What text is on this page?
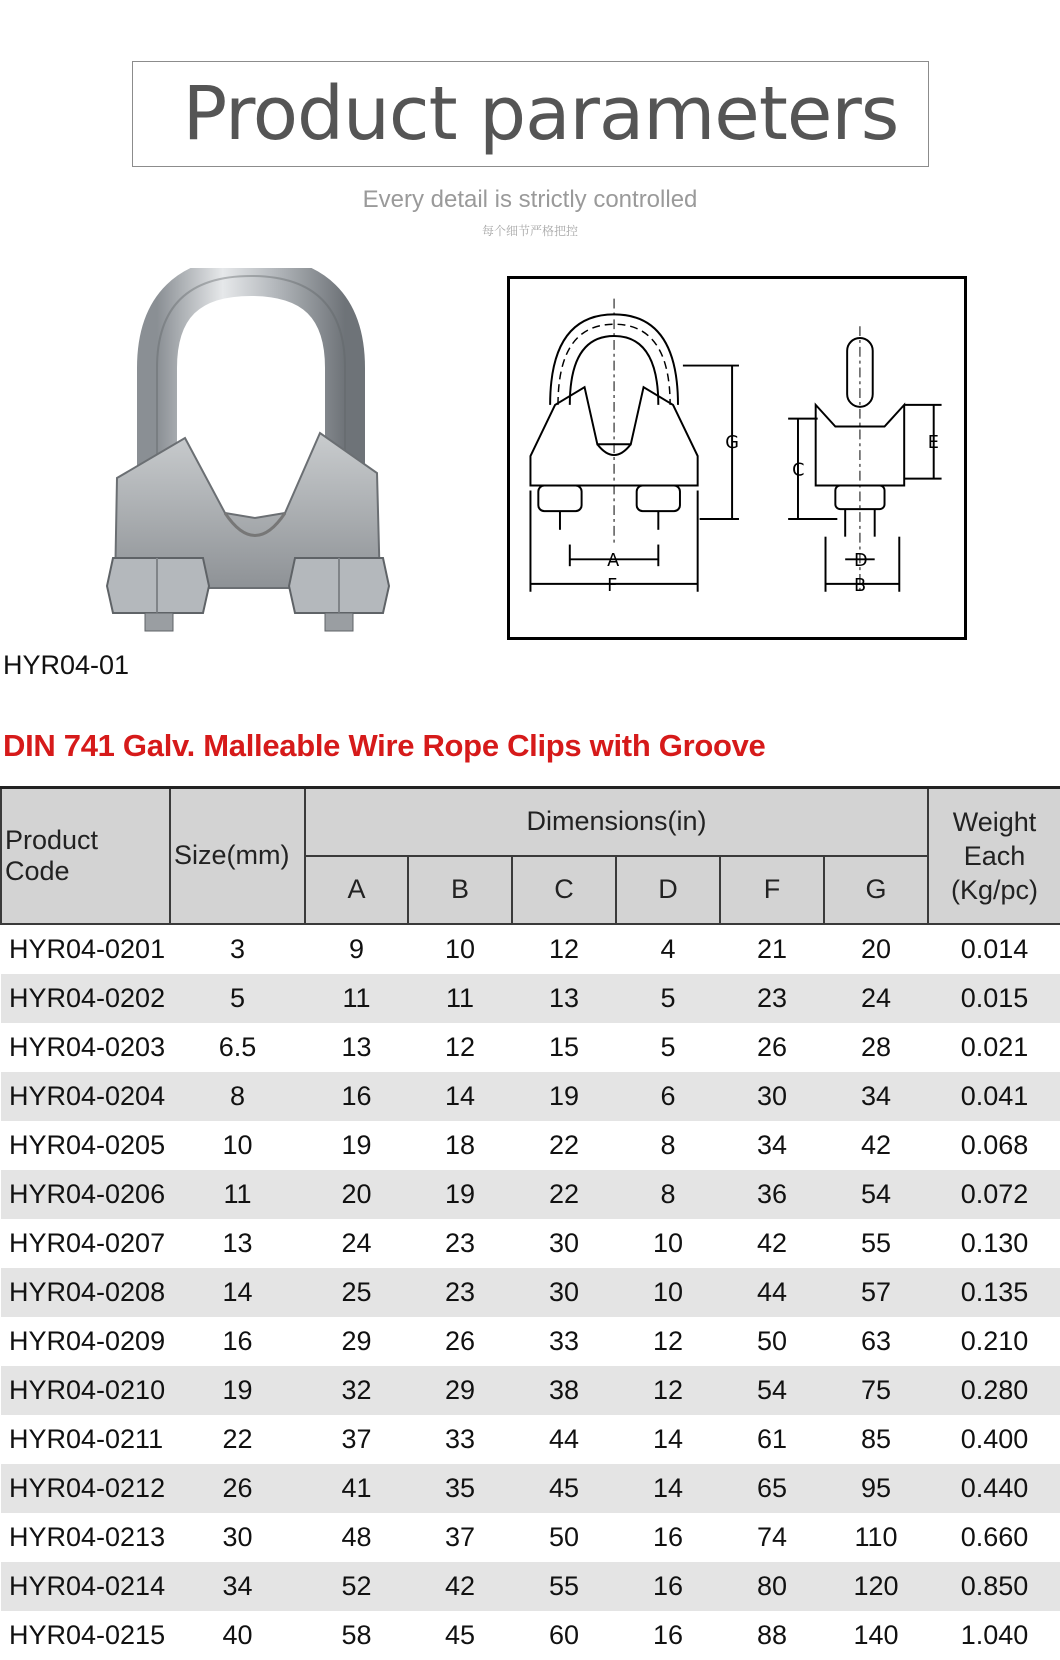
Product parameters
Every detail is strictly controlled
每个细节严格把控
HYR04-01
A
F
G
C
E
D
B
DIN 741 Galv. Malleable Wire Rope Clips with Groove
Product Code	Size(mm)	Dimensions(in)						Weight
Each
(Kg/pc)
		A	B	C	D	F	G	
HYR04-0201	3	9	10	12	4	21	20	0.014
HYR04-0202	5	11	11	13	5	23	24	0.015
HYR04-0203	6.5	13	12	15	5	26	28	0.021
HYR04-0204	8	16	14	19	6	30	34	0.041
HYR04-0205	10	19	18	22	8	34	42	0.068
HYR04-0206	11	20	19	22	8	36	54	0.072
HYR04-0207	13	24	23	30	10	42	55	0.130
HYR04-0208	14	25	23	30	10	44	57	0.135
HYR04-0209	16	29	26	33	12	50	63	0.210
HYR04-0210	19	32	29	38	12	54	75	0.280
HYR04-0211	22	37	33	44	14	61	85	0.400
HYR04-0212	26	41	35	45	14	65	95	0.440
HYR04-0213	30	48	37	50	16	74	110	0.660
HYR04-0214	34	52	42	55	16	80	120	0.850
HYR04-0215	40	58	45	60	16	88	140	1.040
